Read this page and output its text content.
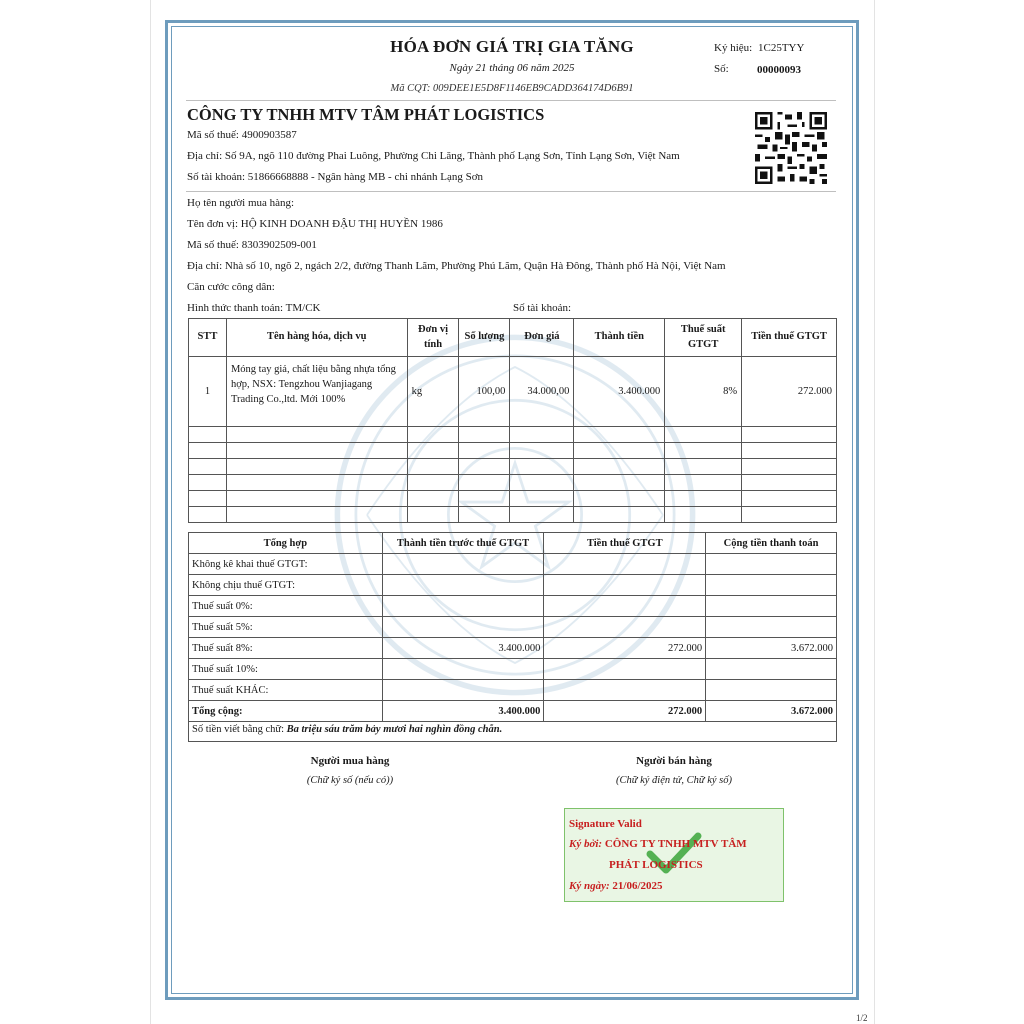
HÓA ĐƠN GIÁ TRỊ GIA TĂNG
Ngày 21 tháng 06 năm 2025
Mã CQT: 009DEE1E5D8F1146EB9CADD364174D6B91
Ký hiệu: 1C25TYY
Số:	00000093
CÔNG TY TNHH MTV TÂM PHÁT LOGISTICS
Mã số thuế: 4900903587
Địa chỉ: Số 9A, ngõ 110 đường Phai Luông, Phường Chi Lăng, Thành phố Lạng Sơn, Tỉnh Lạng Sơn, Việt Nam
Số tài khoản: 51866668888 - Ngân hàng MB - chi nhánh Lạng Sơn
Họ tên người mua hàng:
Tên đơn vị: HỘ KINH DOANH ĐẬU THỊ HUYỀN 1986
Mã số thuế: 8303902509-001
Địa chỉ: Nhà số 10, ngõ 2, ngách 2/2, đường Thanh Lãm, Phường Phú Lãm, Quận Hà Đông, Thành phố Hà Nội, Việt Nam
Căn cước công dân:
Hình thức thanh toán: TM/CK	Số tài khoản:
STT	Tên hàng hóa, dịch vụ	Đơn vị tính	Số lượng	Đơn giá	Thành tiền	Thuế suất GTGT	Tiền thuế GTGT
1	Móng tay giả, chất liệu bằng nhựa tổng hợp, NSX: Tengzhou Wanjiagang Trading Co.,ltd. Mới 100%	kg	100,00	34.000,00	3.400.000	8%	272.000

Tổng hợp	Thành tiền trước thuế GTGT	Tiền thuế GTGT	Cộng tiền thanh toán
Không kê khai thuế GTGT:			
Không chịu thuế GTGT:			
Thuế suất 0%:			
Thuế suất 5%:			
Thuế suất 8%:	3.400.000	272.000	3.672.000
Thuế suất 10%:			
Thuế suất KHÁC:			
Tổng cộng:	3.400.000	272.000	3.672.000
Số tiền viết bằng chữ: Ba triệu sáu trăm bảy mươi hai nghìn đồng chẵn.
Người mua hàng
(Chữ ký số (nếu có))
Người bán hàng
(Chữ ký điện tử, Chữ ký số)
Signature Valid
Ký bởi: CÔNG TY TNHH MTV TÂM
PHÁT LOGISTICS
Ký ngày: 21/06/2025
1/2
